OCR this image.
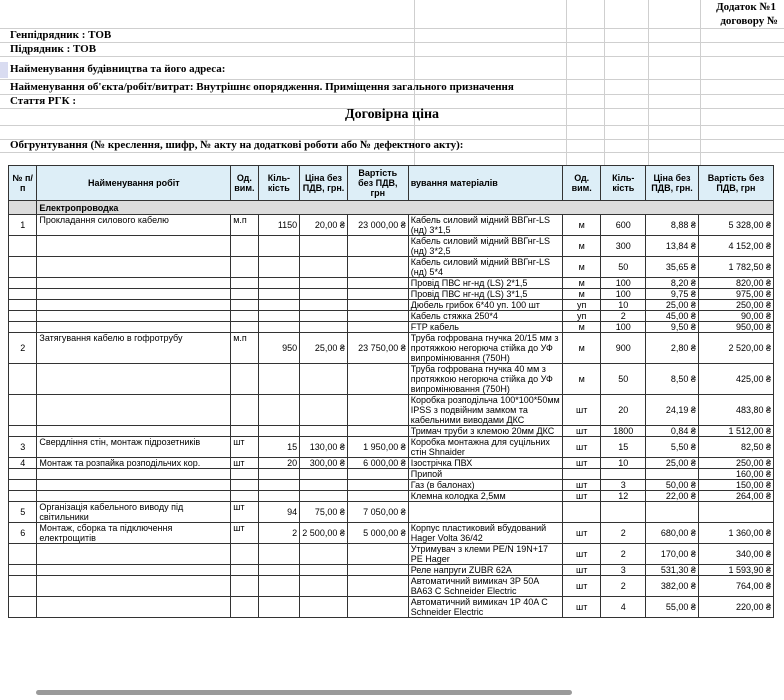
Додаток №1
договору №
Генпідрядник : ТОВ
Підрядник : ТОВ
Найменування будівництва та його адреса:
Найменування об'єкта/робіт/витрат: Внутрішнє опорядження. Приміщення загального призначення
Стаття РГК :
Договірна ціна
Обгрунтування (№ креслення, шифр, № акту на додаткові роботи або № дефектного акту):
№ п/п	Найменування робіт	Од. вим.	Кіль-кість	Ціна без ПДВ, грн.	Вартість без ПДВ, грн	вування матеріалів	Од. вим.	Кіль-кість	Ціна без ПДВ, грн.	Вартість без ПДВ, грн
	Електропроводка									
1	Прокладання силового кабелю	м.п	1150	20,00 ₴	23 000,00 ₴	Кабель силовий мідний ВВГнг-LS (нд) 3*1,5	м	600	8,88 ₴	5 328,00 ₴
						Кабель силовий мідний ВВГнг-LS (нд) 3*2,5	м	300	13,84 ₴	4 152,00 ₴
						Кабель силовий мідний ВВГнг-LS (нд) 5*4	м	50	35,65 ₴	1 782,50 ₴
						Провід ПВС нг-нд (LS) 2*1,5	м	100	8,20 ₴	820,00 ₴
						Провід ПВС нг-нд (LS) 3*1,5	м	100	9,75 ₴	975,00 ₴
						Дюбель грибок 6*40 уп. 100 шт	уп	10	25,00 ₴	250,00 ₴
						Кабель стяжка 250*4	уп	2	45,00 ₴	90,00 ₴
						FTP кабель	м	100	9,50 ₴	950,00 ₴
2	Затягування кабелю в гофротрубу	м.п	950	25,00 ₴	23 750,00 ₴	Труба гофрована гнучка 20/15 мм з протяжкою негорюча стійка до УФ випромінювання (750Н)	м	900	2,80 ₴	2 520,00 ₴
						Труба гофрована гнучка 40 мм з протяжкою негорюча стійка до УФ випромінювання (750Н)	м	50	8,50 ₴	425,00 ₴
						Коробка розподільча 100*100*50мм IPSS з подвійним замком та кабельними виводами ДКС	шт	20	24,19 ₴	483,80 ₴
						Тримач труби з клемою 20мм ДКС	шт	1800	0,84 ₴	1 512,00 ₴
3	Свердління стін, монтаж підрозетників	шт	15	130,00 ₴	1 950,00 ₴	Коробка монтажна для суцільних стін Shnaider	шт	15	5,50 ₴	82,50 ₴
4	Монтаж та розпайка розподільчих кор.	шт	20	300,00 ₴	6 000,00 ₴	Ізострічка ПВХ	шт	10	25,00 ₴	250,00 ₴
						Припой				160,00 ₴
						Газ (в балонах)	шт	3	50,00 ₴	150,00 ₴
						Клемна колодка 2,5мм	шт	12	22,00 ₴	264,00 ₴
5	Організація кабельного виводу під світильники	шт	94	75,00 ₴	7 050,00 ₴					
6	Монтаж, сборка та підключення електрощитів	шт	2	2 500,00 ₴	5 000,00 ₴	Корпус пластиковий вбудований Hager Volta 36/42	шт	2	680,00 ₴	1 360,00 ₴
						Утримувач з клеми PE/N 19N+17 PE Hager	шт	2	170,00 ₴	340,00 ₴
						Реле напруги ZUBR 62A	шт	3	531,30 ₴	1 593,90 ₴
						Автоматичний вимикач 3P 50A ВА63 С Schneider Electric	шт	2	382,00 ₴	764,00 ₴
						Автоматичний вимикач 1P 40A С Schneider Electric	шт	4	55,00 ₴	220,00 ₴
